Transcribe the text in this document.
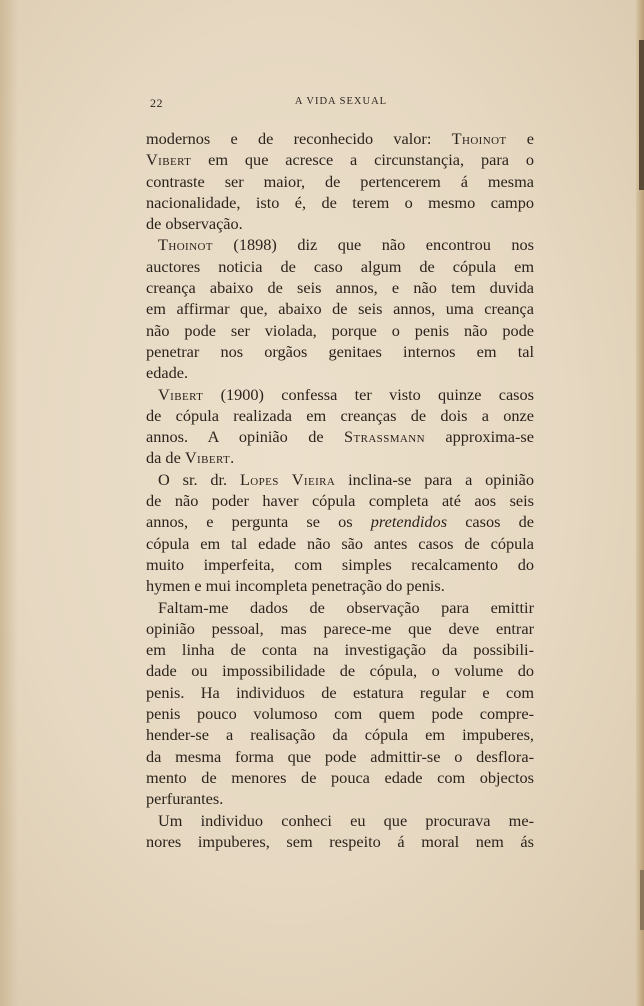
22	A VIDA SEXUAL
modernos e de reconhecido valor: Thoinot e
Vibert em que acresce a circunstançia, para o
contraste ser maior, de pertencerem á mesma
nacionalidade, isto é, de terem o mesmo campo
de observação.
Thoinot (1898) diz que não encontrou nos
auctores noticia de caso algum de cópula em
creança abaixo de seis annos, e não tem duvida
em affirmar que, abaixo de seis annos, uma creança
não pode ser violada, porque o penis não pode
penetrar nos orgãos genitaes internos em tal
edade.
Vibert (1900) confessa ter visto quinze casos
de cópula realizada em creanças de dois a onze
annos. A opinião de Strassmann approxima-se
da de Vibert.
O sr. dr. Lopes Vieira inclina-se para a opinião
de não poder haver cópula completa até aos seis
annos, e pergunta se os pretendidos casos de
cópula em tal edade não são antes casos de cópula
muito imperfeita, com simples recalcamento do
hymen e mui incompleta penetração do penis.
Faltam-me dados de observação para emittir
opinião pessoal, mas parece-me que deve entrar
em linha de conta na investigação da possibili-
dade ou impossibilidade de cópula, o volume do
penis. Ha individuos de estatura regular e com
penis pouco volumoso com quem pode compre-
hender-se a realisação da cópula em impuberes,
da mesma forma que pode admittir-se o desflora-
mento de menores de pouca edade com objectos
perfurantes.
Um individuo conheci eu que procurava me-
nores impuberes, sem respeito á moral nem ás
